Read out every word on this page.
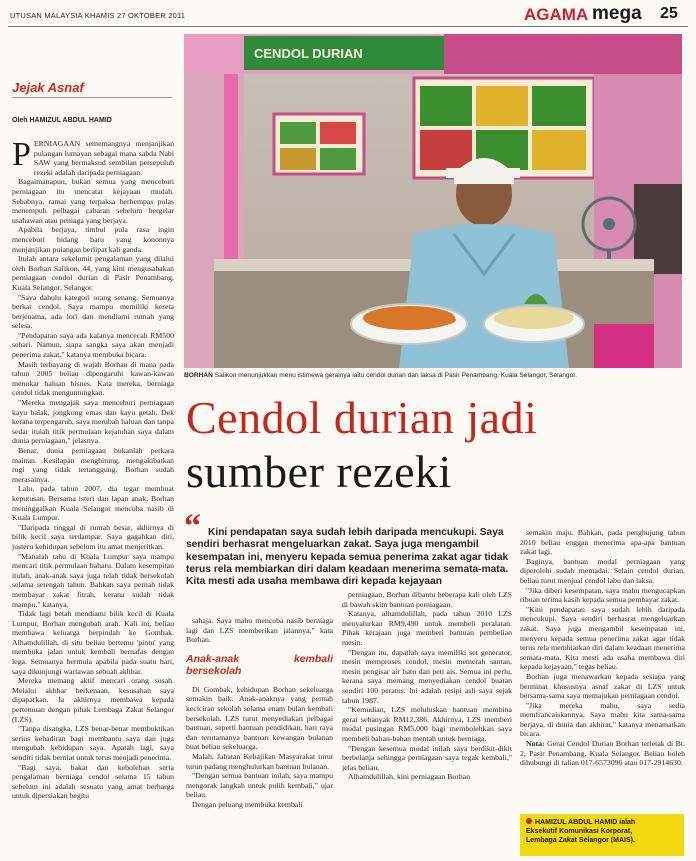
UTUSAN MALAYSIA KHAMIS 27 OKTOBER 2011	AGAMA mega 25
Jejak Asnaf
Oleh HAMIZUL ABDUL HAMID

PERNIAGAAN sememangnya menjanjikan pulangan lumayan sebagai mana sabda Nabi SAW yang bermaksud sembilan persepuluh rezeki adalah daripada perniagaan.

Bagaimanapun, bukan semua yang menceburi perniagaan itu mencatat kejayaan mudah. Sebabnya, ramai yang terpaksa berhempas pulas menempuh pelbagai cabaran sebelum bergelar usahawan atau peniaga yang berjaya.

Apabila berjaya, timbul pula rasa ingin menceburi bidang baru yang kononnya menjanjikan pulangan berlipat kali ganda.

Itulah antara sekelumit pengalaman yang dilalui oleh Borhan Salikon, 44, yang kini mengusahakan perniagaan cendol durian di Pasir Penambang, Kuala Selangor, Selangor.

"Saya dahulu kategori orang senang. Semuanya berkat cendol. Saya mampu memiliki kereta berjenama, ada lori dan mendiami rumah yang selesa.

"Pendapatan saya ada kalanya mencecah RM500 sehari. Namun, siapa sangka saya akan menjadi penerima zakat," katanya membuka bicara.

Masih terbayang di wajah Borhan di mana pada tahun 2005 beliau dipengaruhi kawan-kawan menukar haluan bisnes. Kata mereka, berniaga cendol tidak menguntungkan.

"Mereka mengajak saya menceburi perniagaan kayu balak, jongkong emas dan kayu getah. Dek kerana terpengaruh, saya merubah haluan dan tanpa sedar itulah titik permulaan kejatuhan saya dalam dunia perniagaan," jelasnya.

Benar, dunia perniagaan bukanlah perkara mainan. Kesilapan menghitung, mengakibatkan rugi yang tidak tertanggung. Borhan sudah merasainya.

Lalu, pada tahun 2007, dia tegar membuat keputusan. Bersama isteri dan lapan anak, Borhan meninggalkan Kuala Selangor mencuba nasib di Kuala Lumpur.

"Daripada tinggal di rumah besar, akhirnya di bilik kecil saya terdampar. Saya gagahkan diri, justeru kehidupan sebelum itu amat menjeritkan.

"Manalah tahu di Kuala Lumpur saya mampu mencari titik permulaan baharu. Dalam kesempitan itulah, anak-anak saya juga telah tidak bersekolah selama setengah tahun. Bahkan saya pernah tidak membayar zakat fitrah, kerana sudah tidak mampu," katanya.

Tidak lagi betah mendiami bilik kecil di Kuala Lumpur, Borhan mengubah arah. Kali ini, beliau membawa keluarga berpindah ke Gombak. Alhamdulillah, di situ beliau bertemu 'pintu' yang membuka jalan untuk kembali bernafas dengan lega. Semuanya bermula apabila pada suatu hari, saya dikunjungi wartawan sebuah akhbar.

Mereka memang aktif mencari orang susah. Melalui akhbar berkenaan, kesusahan saya dipaparkan. Ia akhirnya membawa kepada pertemuan dengan pihak Lembaga Zakat Selangor (LZS).

"Tanpa disangka, LZS benar-benar membuktikan serius kehadiran bagi membantu saya dan juga mengubah kehidupan saya. Apatah lagi, saya sendiri tidak berniat untuk terus menjadi penerima.

"Bagi saya, bakat dan kebolehan serta pengalaman berniaga cendol selama 15 tahun sebelum ini adalah sesuatu yang amat berharga untuk dipersiakan begitu

CENDOL DURIAN
BORHAN Salikon menunjukkan menu istimewa gerainya iaitu cendol durian dan laksa di Pasir Penambang, Kuala Selangor, Selangor.
Cendol durian jadi
sumber rezeki
“ Kini pendapatan saya sudah lebih daripada mencukupi. Saya sendiri berhasrat mengeluarkan zakat. Saya juga mengambil kesempatan ini, menyeru kepada semua penerima zakat agar tidak terus rela membiarkan diri dalam keadaan menerima semata-mata. Kita mesti ada usaha membawa diri kepada kejayaan

sahaja. Saya mahu mencuba nasib berniaga lagi dan LZS memberikan jalannya," kata Borhan.

Anak-anak kembali bersekolah

Di Gombak, kehidupan Borhan sekeluarga semakin baik. Anak-anaknya yang pernah keciciran sekolah selama enam bulan kembali bersekolah. LZS turut menyediakan pelbagai bantuan, seperti bantuan pendidikan, hari raya dan terutamanya bantuan kewangan bulanan buat beliau sekeluarga.

Malah, Jabatan Kebajikan Masyarakat turut turun padang menghulurkan bantuan bulanan.

"Dengan semua bantuan inilah, saya mampu mengorak langkah untuk pulih kembali," ujar beliau.

Dengan peluang membuka kembali

perniagaan, Borhan dibantu beberapa kali oleh LZS di bawah skim bantuan perniagaan.

Katanya, alhamdulillah, pada tahun 2010 LZS menyalurkan RM9,490 untuk membeli peralatan. Pihak kerajaan juga memberi bantuan pembelian mesin.

"Dengan itu, dapatlah saya memiliki set generator, mesin memproses cendol, mesin memerah santan, mesin pengisar air batu dan peti ais. Semua ini perlu, kerana saya memang menyediakan cendol buatan sendiri 100 peratus. Ini adalah resipi asli saya sejak tahun 1987.

"Kemudian, LZS meluluskan bantuan membina gerai sebanyak RM12,386. Akhirnya, LZS memberi modal pusingan RM5,000 bagi membolehkan saya membeli bahan-bahan mentah untuk berniaga.

"Dengan kesemua modal inilah saya berdikit-dikit berbelanja sehingga perniagaan saya tegak kembali," jelas beliau.

Alhamdulillah, kini perniagaan Borhan

semakin maju. Bahkan, pada penghujung tahun 2010 beliau enggan menerima apa-apa bantuan zakat lagi.

Baginya, bantuan modal perniagaan yang diperolehi sudah memadai. Selain cendol durian, beliau turut menjual cendol labu dan laksa.

"Jika diberi kesempatan, saya mahu mengucapkan ribuan terima kasih kepada semua pembayar zakat.

"Kini pendapatan saya sudah lebih daripada mencukupi. Saya sendiri berhasrat mengeluarkan zakat. Saya juga mengambil kesempatan ini, menyeru kepada semua penerima zakat agar tidak terus rela membiarkan diri dalam keadaan menerima semata-mata. Kita mesti ada usaha membawa diri kepada kejayaan," tegas beliau.

Borhan juga menawarkan kepada sesiapa yang berminat khususnya asnaf zakat di LZS untuk bersama-sama saya memajukan perniagaan cendol.

"Jika mereka mahu, saya sedia memfrancaiskannya. Saya mahu kita sama-sama berjaya, di dunia dan akhirat," katanya menamatkan bicara.

Nota: Gerai Cendol Durian Borhan terletak di Bt. 2, Pasir Penambang, Kuala Selangor. Beliau boleh dihubungi di talian 017-6573096 atau 017-2914630.

HAMIZUL ABDUL HAMID ialah
Eksekutif Komunikasi Korporat,
Lembaga Zakat Selangor (MAIS).
